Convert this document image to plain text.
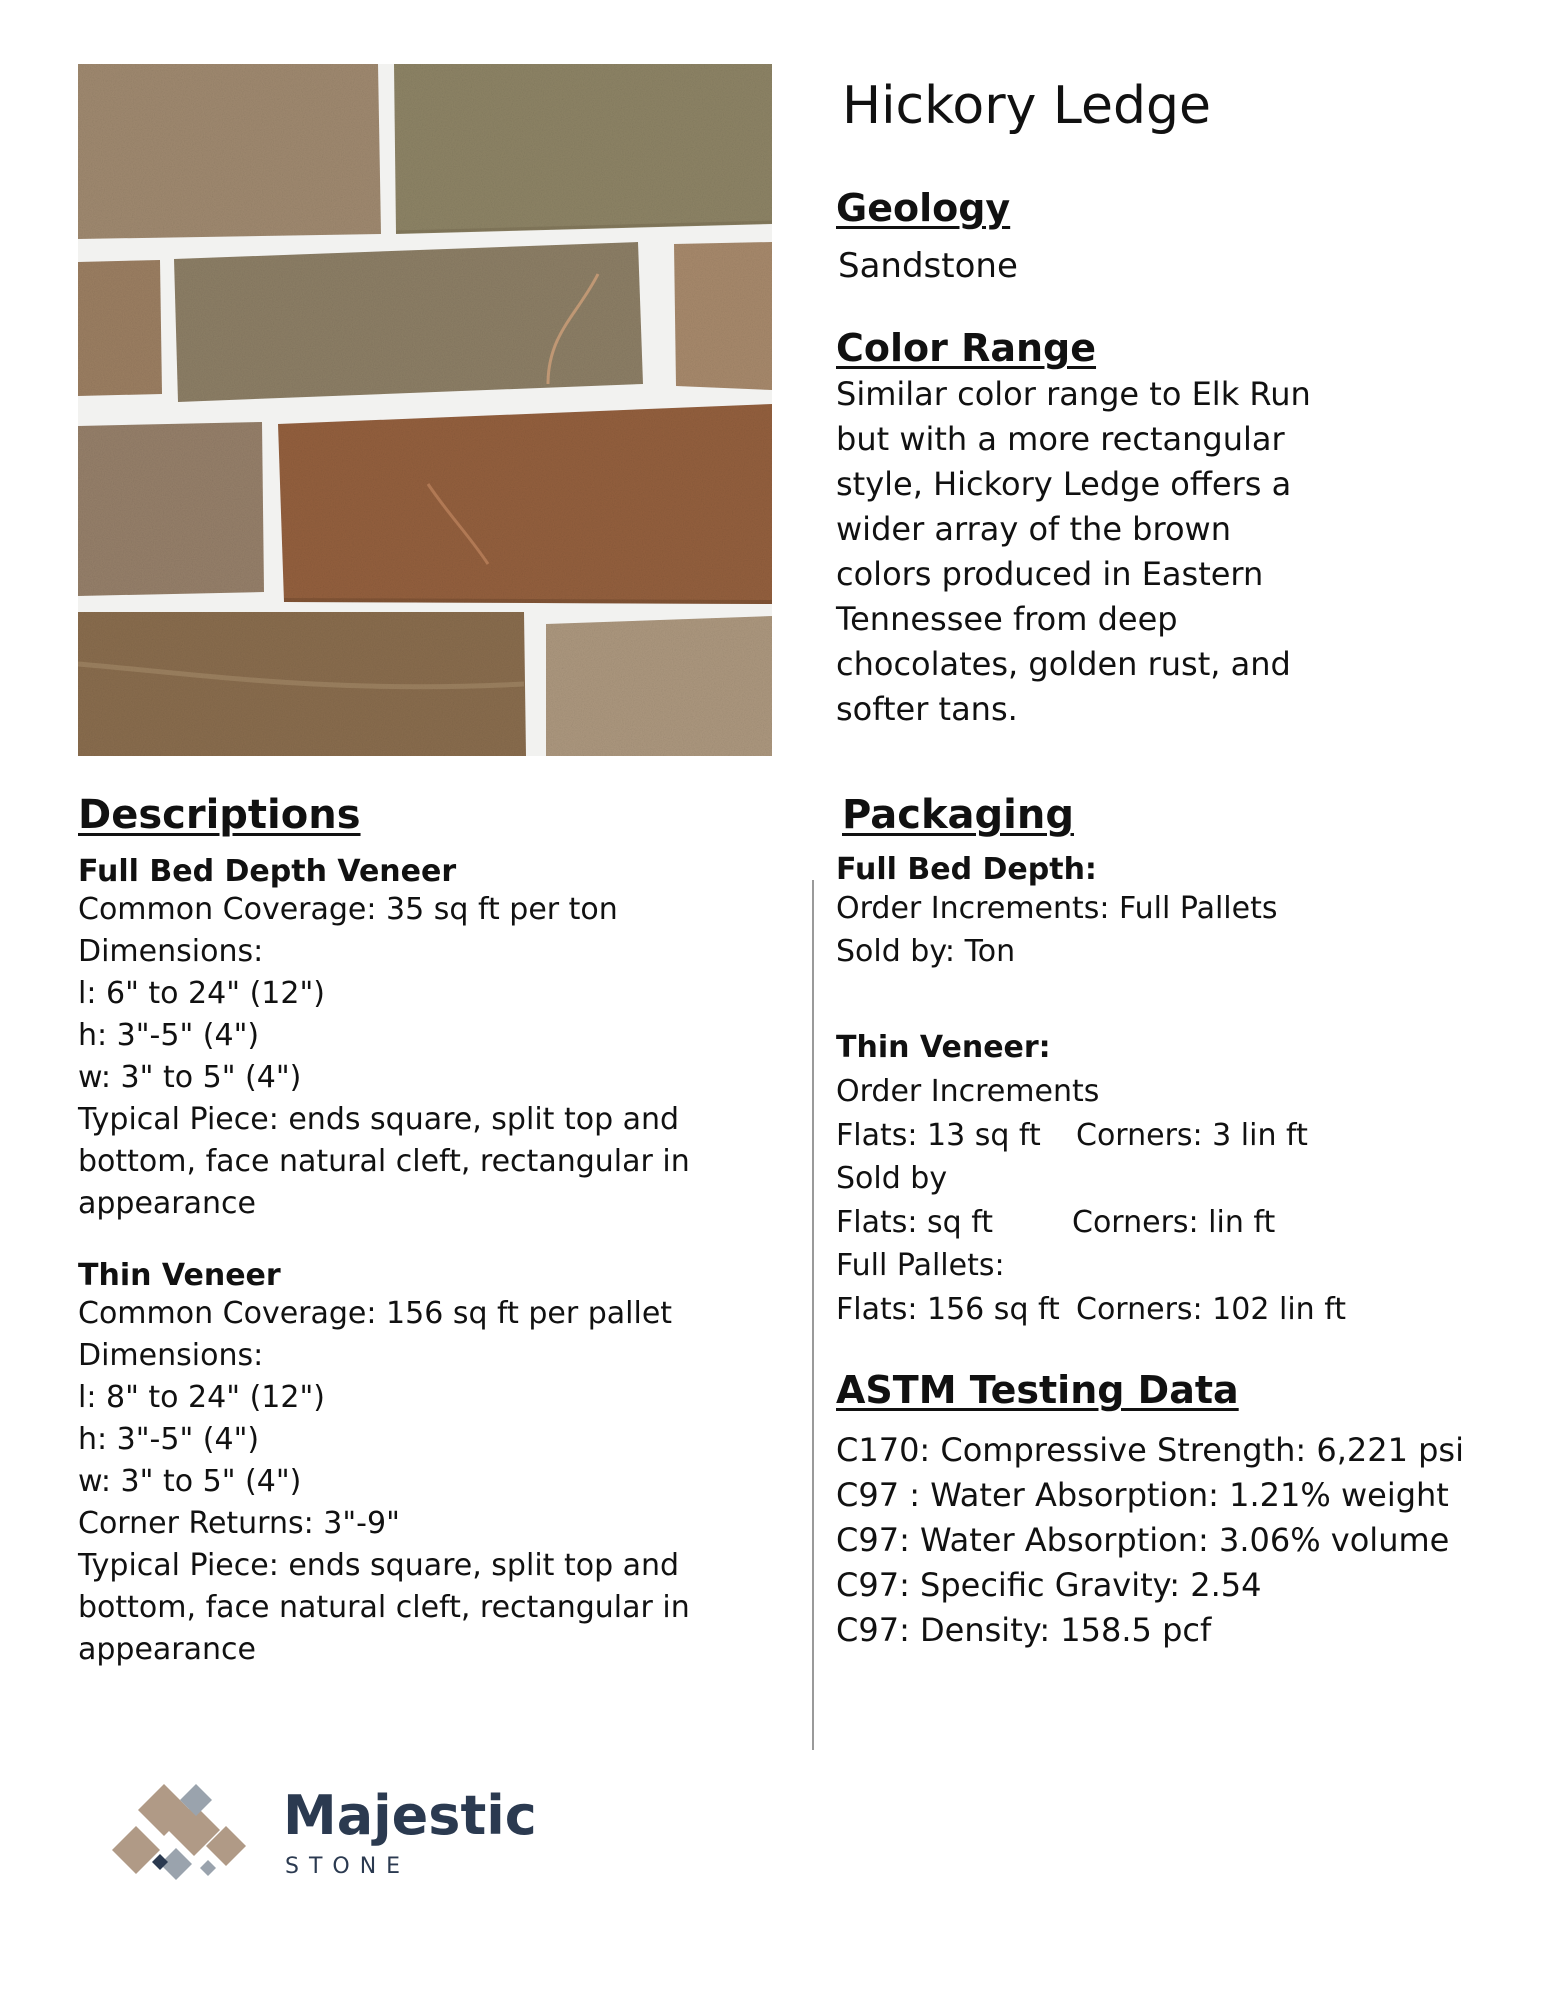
Hickory Ledge
Geology
Sandstone
Color Range
Similar color range to Elk Run but with a more rectangular style, Hickory Ledge offers a wider array of the brown colors produced in Eastern Tennessee from deep chocolates, golden rust, and softer tans.
Descriptions
Full Bed Depth Veneer
Common Coverage: 35 sq ft per ton
Dimensions:
l: 6" to 24" (12")
h: 3"-5" (4")
w: 3" to 5" (4")
Typical Piece: ends square, split top and bottom, face natural cleft, rectangular in appearance
Thin Veneer
Common Coverage: 156 sq ft per pallet
Dimensions:
l: 8" to 24" (12")
h: 3"-5" (4")
w: 3" to 5" (4")
Corner Returns: 3"-9"
Typical Piece: ends square, split top and bottom, face natural cleft, rectangular in appearance
Packaging
Full Bed Depth:
Order Increments: Full Pallets
Sold by: Ton
Thin Veneer:
Order Increments
Flats: 13 sq ft Corners: 3 lin ft
Sold by
Flats: sq ft	Corners: lin ft
Full Pallets:
Flats: 156 sq ft Corners: 102 lin ft
ASTM Testing Data
C170: Compressive Strength: 6,221 psi
C97 : Water Absorption: 1.21% weight
C97: Water Absorption: 3.06% volume
C97: Specific Gravity: 2.54
C97: Density: 158.5 pcf
Majestic
STONE
